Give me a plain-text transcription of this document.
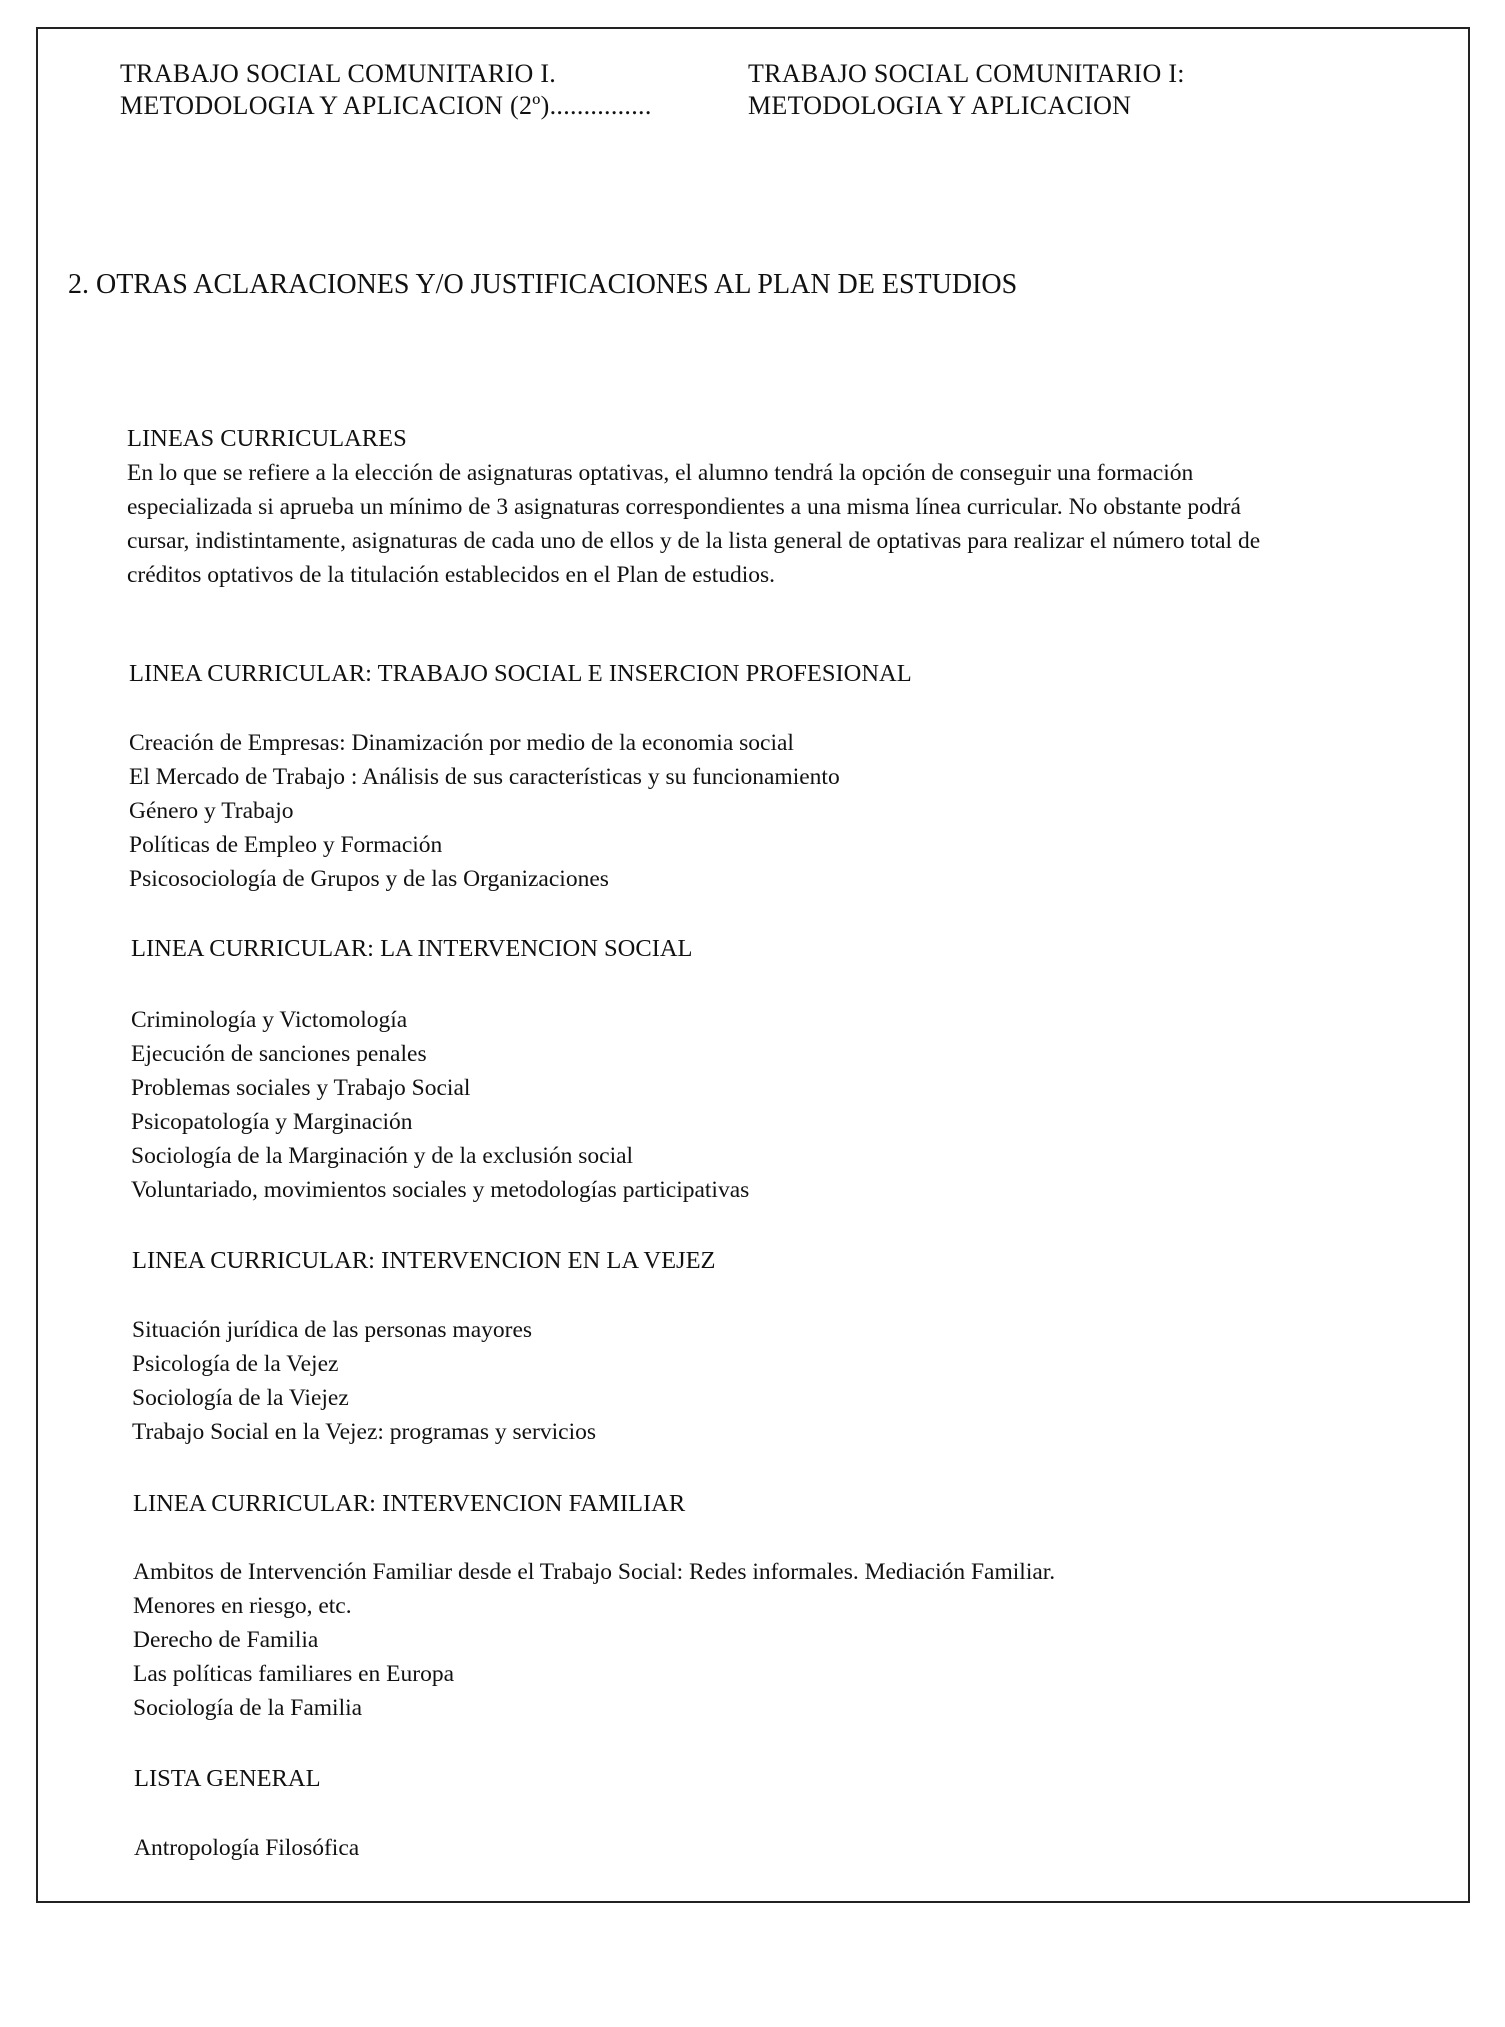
TRABAJO SOCIAL COMUNITARIO I.
METODOLOGIA Y APLICACION (2º)...............
TRABAJO SOCIAL COMUNITARIO I:
METODOLOGIA Y APLICACION
2. OTRAS ACLARACIONES Y/O JUSTIFICACIONES AL PLAN DE ESTUDIOS
LINEAS CURRICULARES

En lo que se refiere a la elección de asignaturas optativas, el alumno tendrá la opción de conseguir una formación especializada si aprueba un mínimo de 3 asignaturas correspondientes a una misma línea curricular. No obstante podrá cursar, indistintamente, asignaturas de cada uno de ellos y de la lista general de optativas para realizar el número total de créditos optativos de la titulación establecidos en el Plan de estudios.

LINEA CURRICULAR: TRABAJO SOCIAL E INSERCION PROFESIONAL
Creación de Empresas: Dinamización por medio de la economia social
El Mercado de Trabajo : Análisis de sus características y su funcionamiento
Género y Trabajo
Políticas de Empleo y Formación
Psicosociología de Grupos y de las Organizaciones
LINEA CURRICULAR: LA INTERVENCION SOCIAL
Criminología y Victomología
Ejecución de sanciones penales
Problemas sociales y Trabajo Social
Psicopatología y Marginación
Sociología de la Marginación y de la exclusión social
Voluntariado, movimientos sociales y metodologías participativas
LINEA CURRICULAR: INTERVENCION EN LA VEJEZ
Situación jurídica de las personas mayores
Psicología de la Vejez
Sociología de la Viejez
Trabajo Social en la Vejez: programas y servicios
LINEA CURRICULAR: INTERVENCION FAMILIAR
Ambitos de Intervención Familiar desde el Trabajo Social: Redes informales. Mediación Familiar.
Menores en riesgo, etc.
Derecho de Familia
Las políticas familiares en Europa
Sociología de la Familia
LISTA GENERAL
Antropología Filosófica
